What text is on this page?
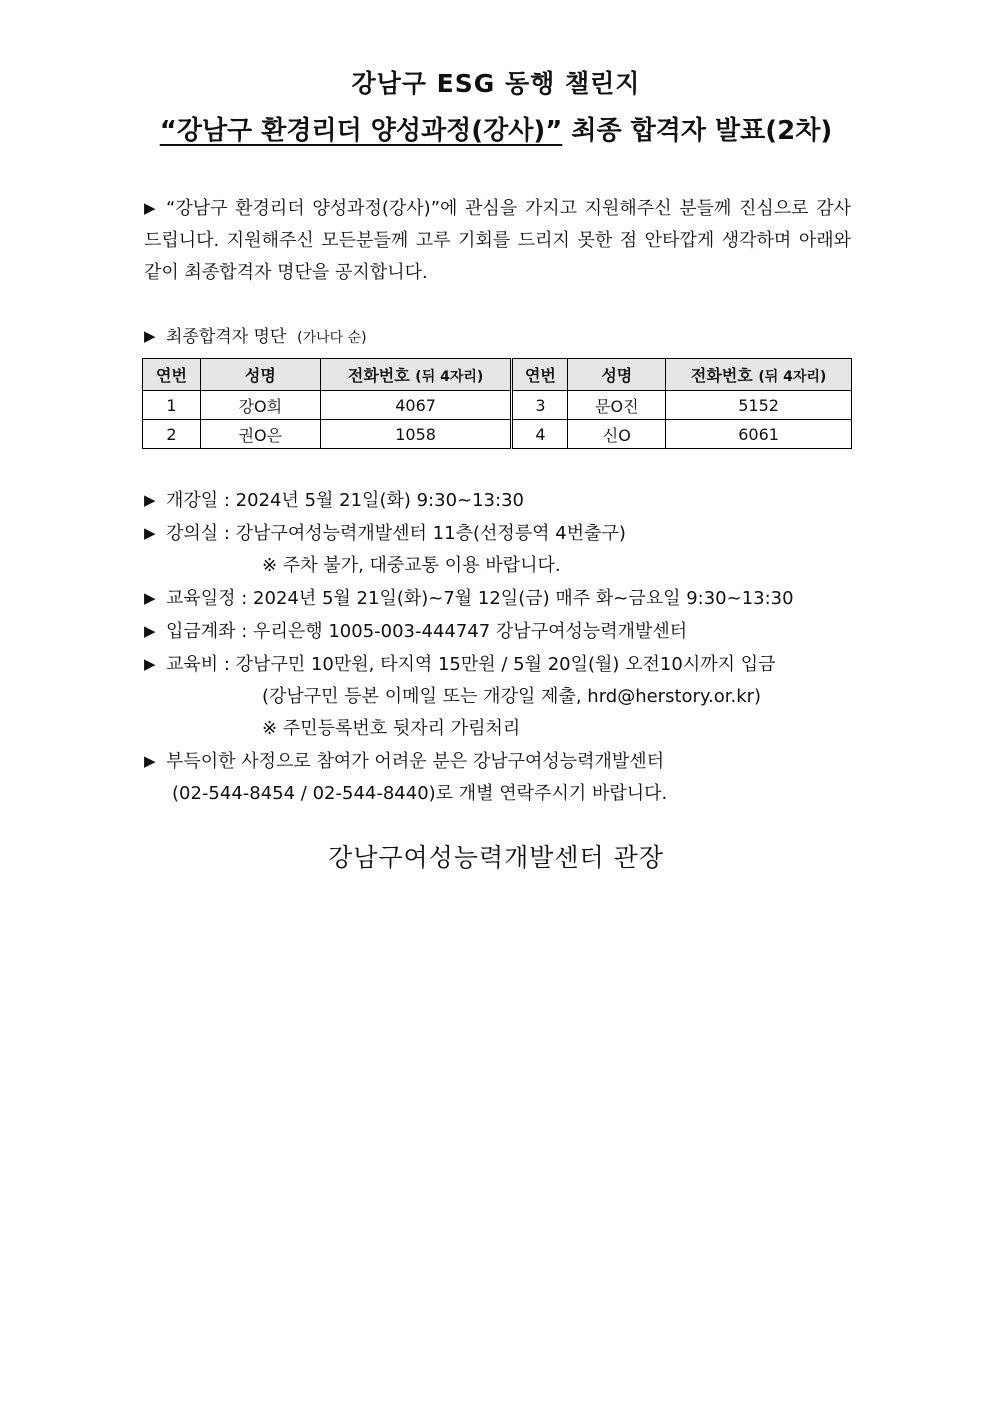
강남구 ESG 동행 챌린지
“강남구 환경리더 양성과정(강사)” 최종 합격자 발표(2차)
▶ “강남구 환경리더 양성과정(강사)”에 관심을 가지고 지원해주신 분들께 진심으로 감사드립니다. 지원해주신 모든분들께 고루 기회를 드리지 못한 점 안타깝게 생각하며 아래와 같이 최종합격자 명단을 공지합니다.
▶ 최종합격자 명단 (가나다 순)
연번	성명	전화번호 (뒤 4자리)	연번	성명	전화번호 (뒤 4자리)
1	강O희	4067	3	문O진	5152
2	권O은	1058	4	신O	6061
▶ 개강일 : 2024년 5월 21일(화) 9:30~13:30
▶ 강의실 : 강남구여성능력개발센터 11층(선정릉역 4번출구)
※ 주차 불가, 대중교통 이용 바랍니다.
▶ 교육일정 : 2024년 5월 21일(화)~7월 12일(금) 매주 화~금요일 9:30~13:30
▶ 입금계좌 : 우리은행 1005-003-444747 강남구여성능력개발센터
▶ 교육비 : 강남구민 10만원, 타지역 15만원 / 5월 20일(월) 오전10시까지 입금
(강남구민 등본 이메일 또는 개강일 제출, hrd@herstory.or.kr)
※ 주민등록번호 뒷자리 가림처리
▶ 부득이한 사정으로 참여가 어려운 분은 강남구여성능력개발센터
(02-544-8454 / 02-544-8440)로 개별 연락주시기 바랍니다.
강남구여성능력개발센터 관장
